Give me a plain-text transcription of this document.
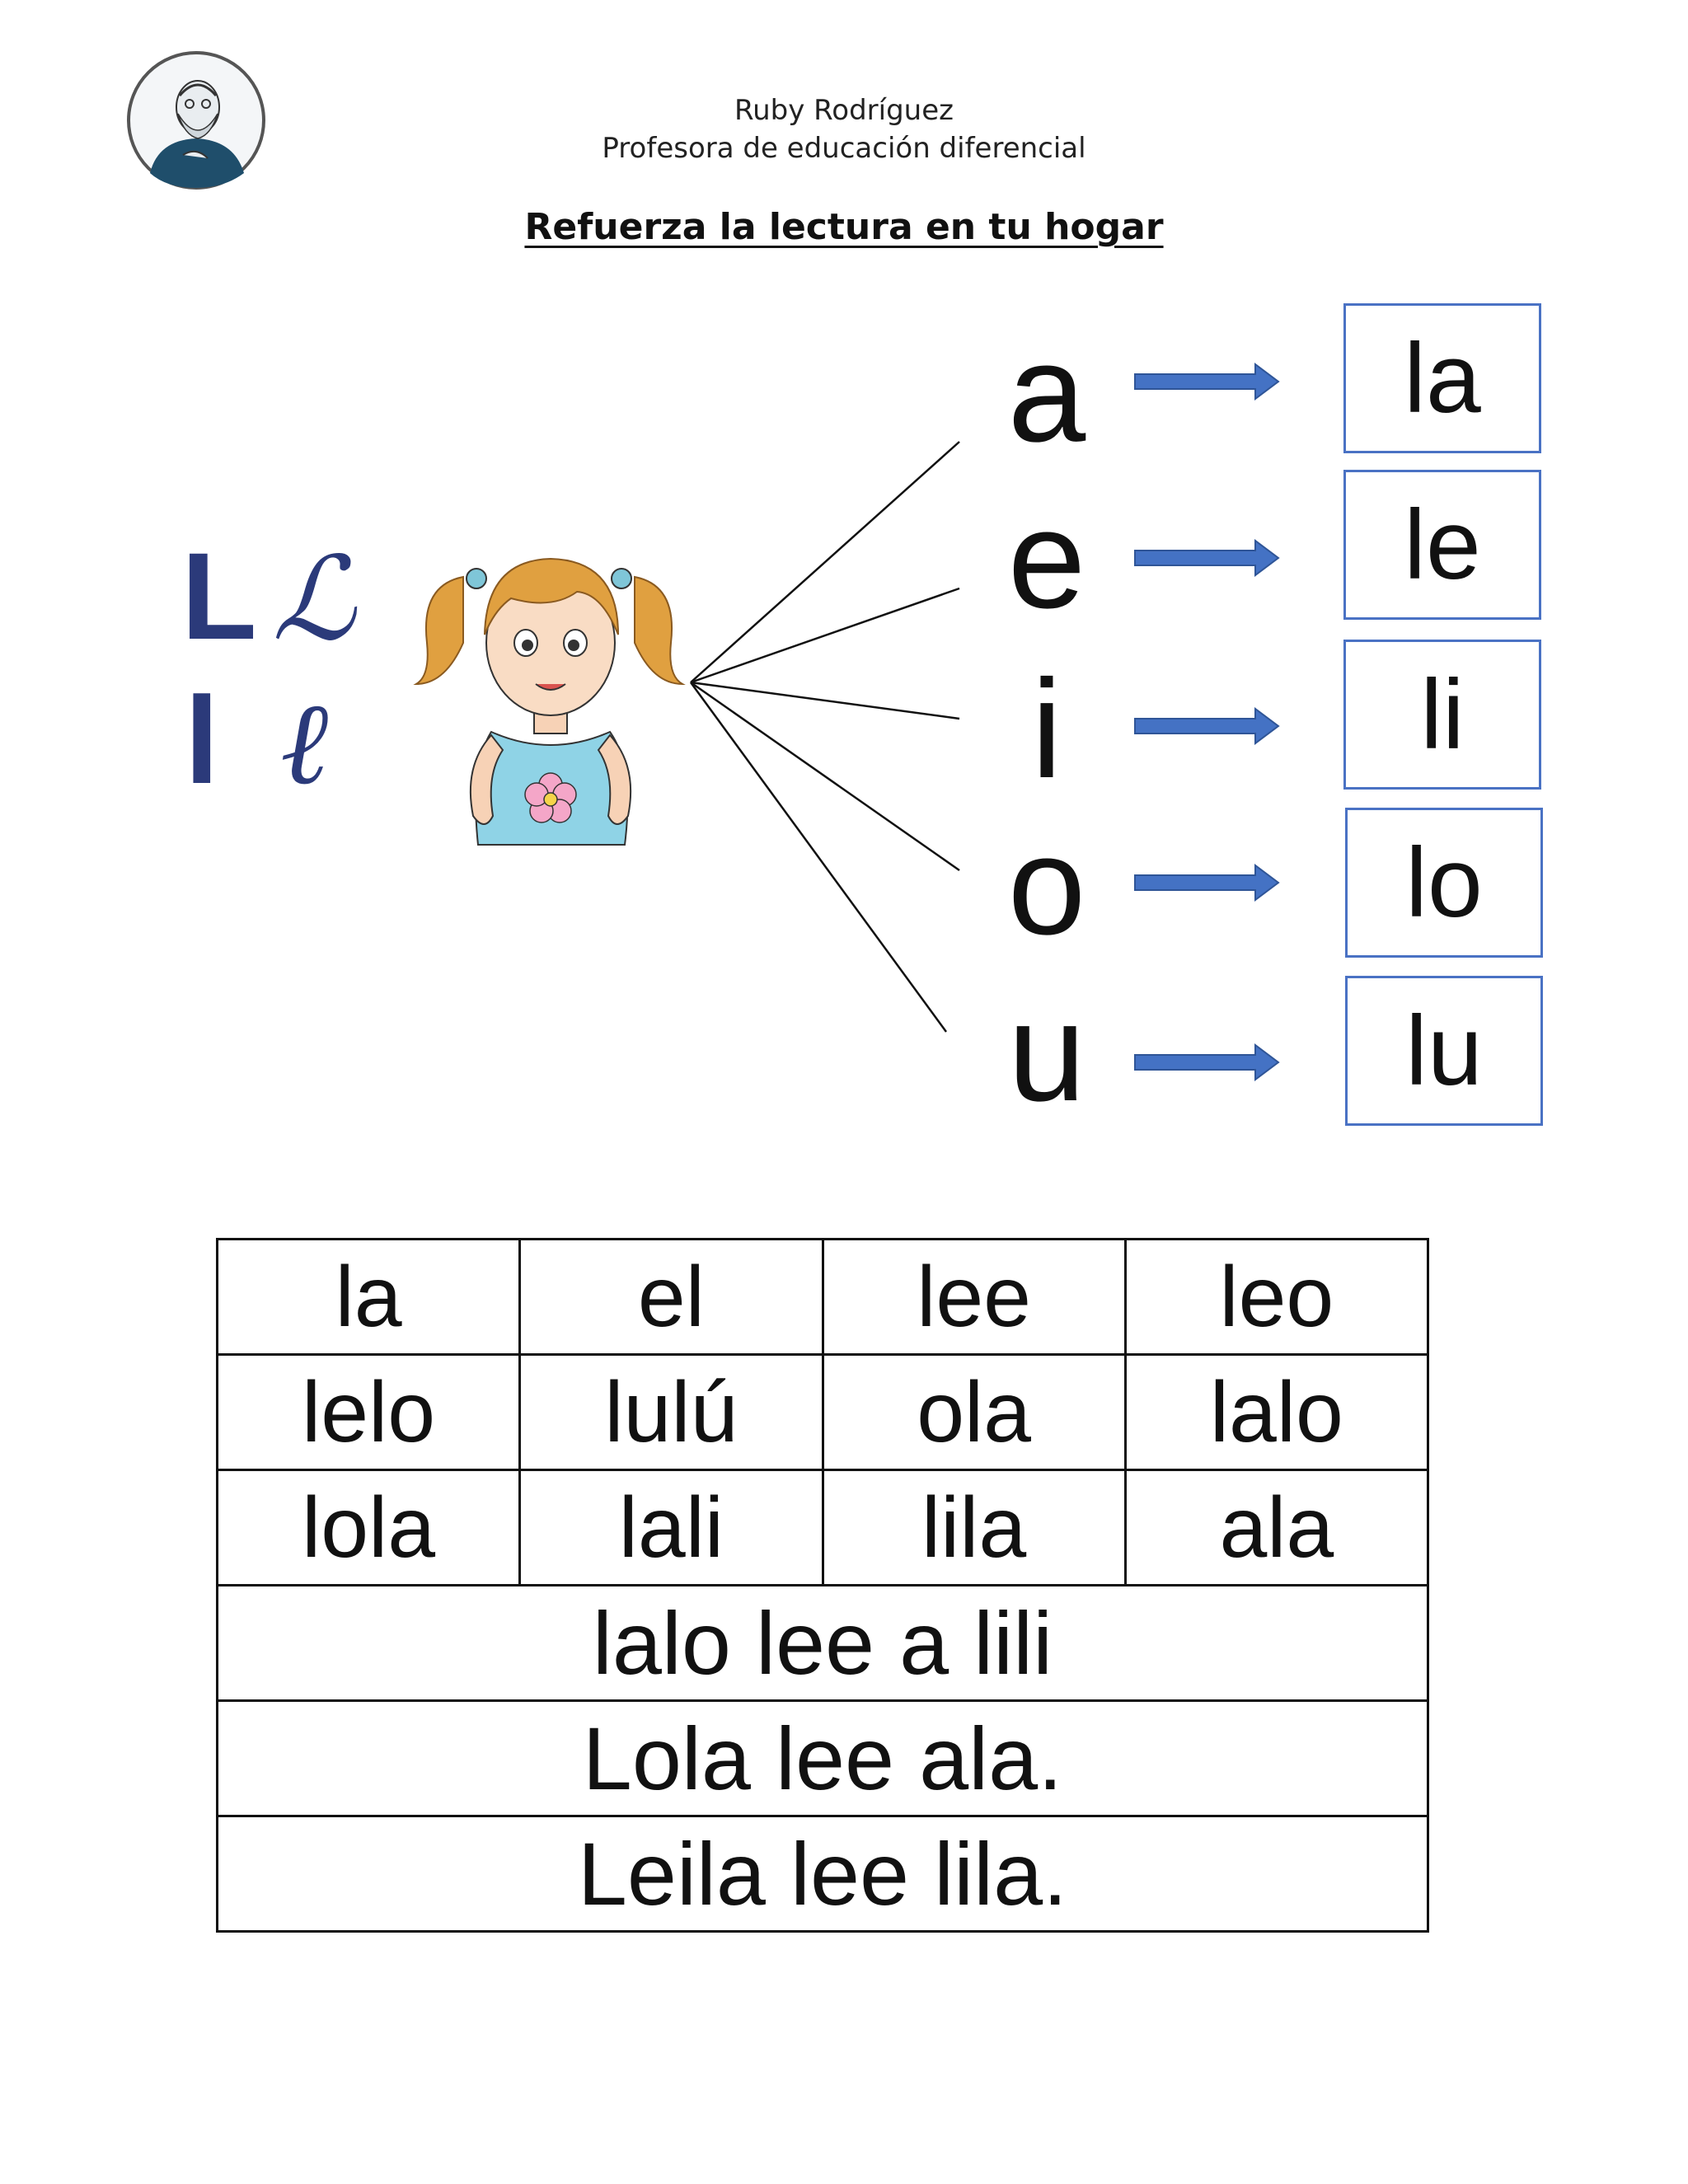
Ruby Rodríguez
Profesora de educación diferencial
Refuerza la lectura en tu hogar
L ℒ
l ℓ
a
e
i
o
u
la
le
li
lo
lu
la	el	lee	leo
lelo	lulú	ola	lalo
lola	lali	lila	ala
lalo lee a lili			
Lola lee ala.			
Leila lee lila.			
